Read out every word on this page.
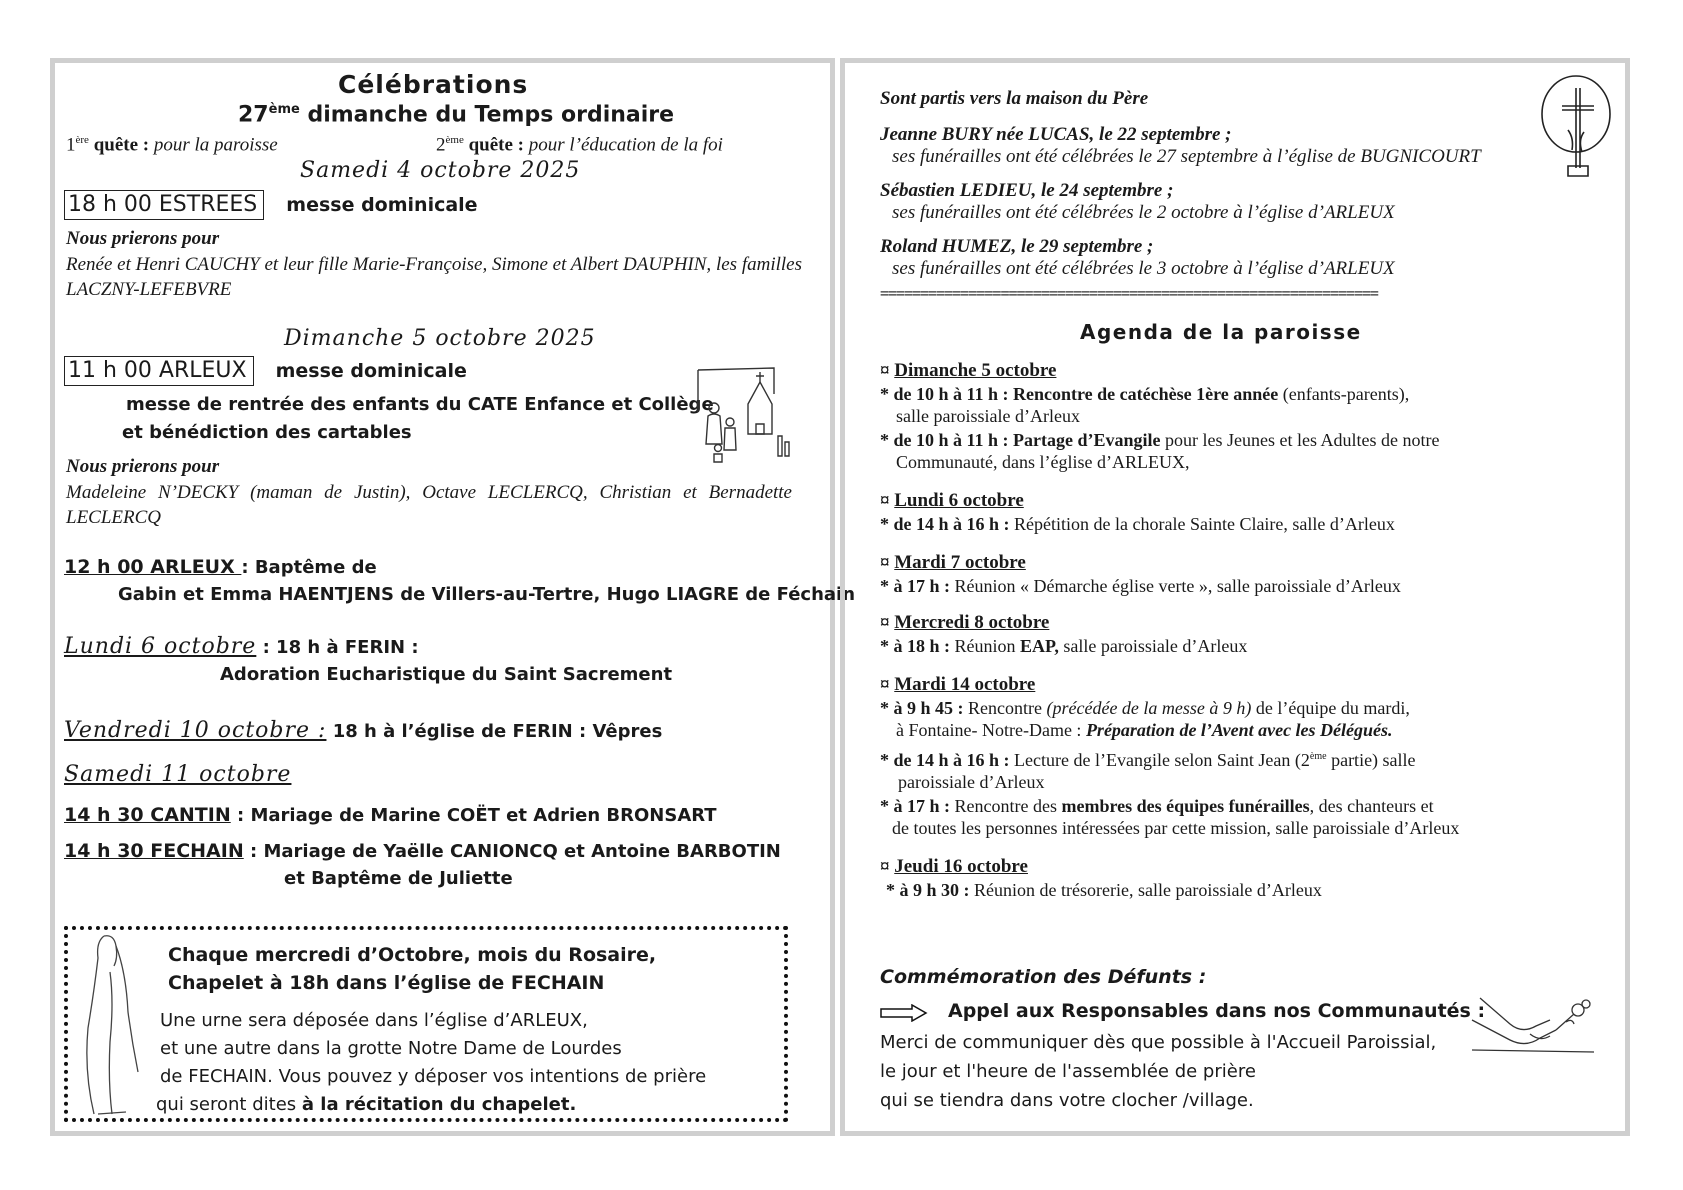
Célébrations
27ème dimanche du Temps ordinaire
1ère quête : pour la paroisse	2ème quête : pour l’éducation de la foi
Samedi 4 octobre 2025
18 h 00 ESTREES messe dominicale
Nous prierons pour
Renée et Henri CAUCHY et leur fille Marie-Françoise, Simone et Albert DAUPHIN, les familles LACZNY-LEFEBVRE
Dimanche 5 octobre 2025
11 h 00 ARLEUX messe dominicale
messe de rentrée des enfants du CATE Enfance et Collège
et bénédiction des cartables
Nous prierons pour
Madeleine N’DECKY (maman de Justin), Octave LECLERCQ, Christian et Bernadette LECLERCQ
12 h 00 ARLEUX : Baptême de
Gabin et Emma HAENTJENS de Villers-au-Tertre, Hugo LIAGRE de Féchain
Lundi 6 octobre : 18 h à FERIN :
Adoration Eucharistique du Saint Sacrement
Vendredi 10 octobre : 18 h à l’église de FERIN : Vêpres
Samedi 11 octobre
14 h 30 CANTIN : Mariage de Marine COËT et Adrien BRONSART
14 h 30 FECHAIN : Mariage de Yaëlle CANIONCQ et Antoine BARBOTIN
et Baptême de Juliette
Chaque mercredi d’Octobre, mois du Rosaire,
Chapelet à 18h dans l’église de FECHAIN
Une urne sera déposée dans l’église d’ARLEUX,
et une autre dans la grotte Notre Dame de Lourdes
de FECHAIN. Vous pouvez y déposer vos intentions de prière
qui seront dites à la récitation du chapelet.
Sont partis vers la maison du Père
Jeanne BURY née LUCAS, le 22 septembre ;
ses funérailles ont été célébrées le 27 septembre à l’église de BUGNICOURT
Sébastien LEDIEU, le 24 septembre ;
ses funérailles ont été célébrées le 2 octobre à l’église d’ARLEUX
Roland HUMEZ, le 29 septembre ;
ses funérailles ont été célébrées le 3 octobre à l’église d’ARLEUX
==============================================================
Agenda de la paroisse
¤ Dimanche 5 octobre
* de 10 h à 11 h : Rencontre de catéchèse 1ère année (enfants-parents),
salle paroissiale d’Arleux
* de 10 h à 11 h : Partage d’Evangile pour les Jeunes et les Adultes de notre
Communauté, dans l’église d’ARLEUX,
¤ Lundi 6 octobre
* de 14 h à 16 h : Répétition de la chorale Sainte Claire, salle d’Arleux
¤ Mardi 7 octobre
* à 17 h : Réunion « Démarche église verte », salle paroissiale d’Arleux
¤ Mercredi 8 octobre
* à 18 h : Réunion EAP, salle paroissiale d’Arleux
¤ Mardi 14 octobre
* à 9 h 45 : Rencontre (précédée de la messe à 9 h) de l’équipe du mardi,
à Fontaine- Notre-Dame : Préparation de l’Avent avec les Délégués.
* de 14 h à 16 h : Lecture de l’Evangile selon Saint Jean (2ème partie) salle
paroissiale d’Arleux
* à 17 h : Rencontre des membres des équipes funérailles, des chanteurs et
de toutes les personnes intéressées par cette mission, salle paroissiale d’Arleux
¤ Jeudi 16 octobre
* à 9 h 30 : Réunion de trésorerie, salle paroissiale d’Arleux
Commémoration des Défunts :
Appel aux Responsables dans nos Communautés :
Merci de communiquer dès que possible à l'Accueil Paroissial,
le jour et l'heure de l'assemblée de prière
qui se tiendra dans votre clocher /village.
